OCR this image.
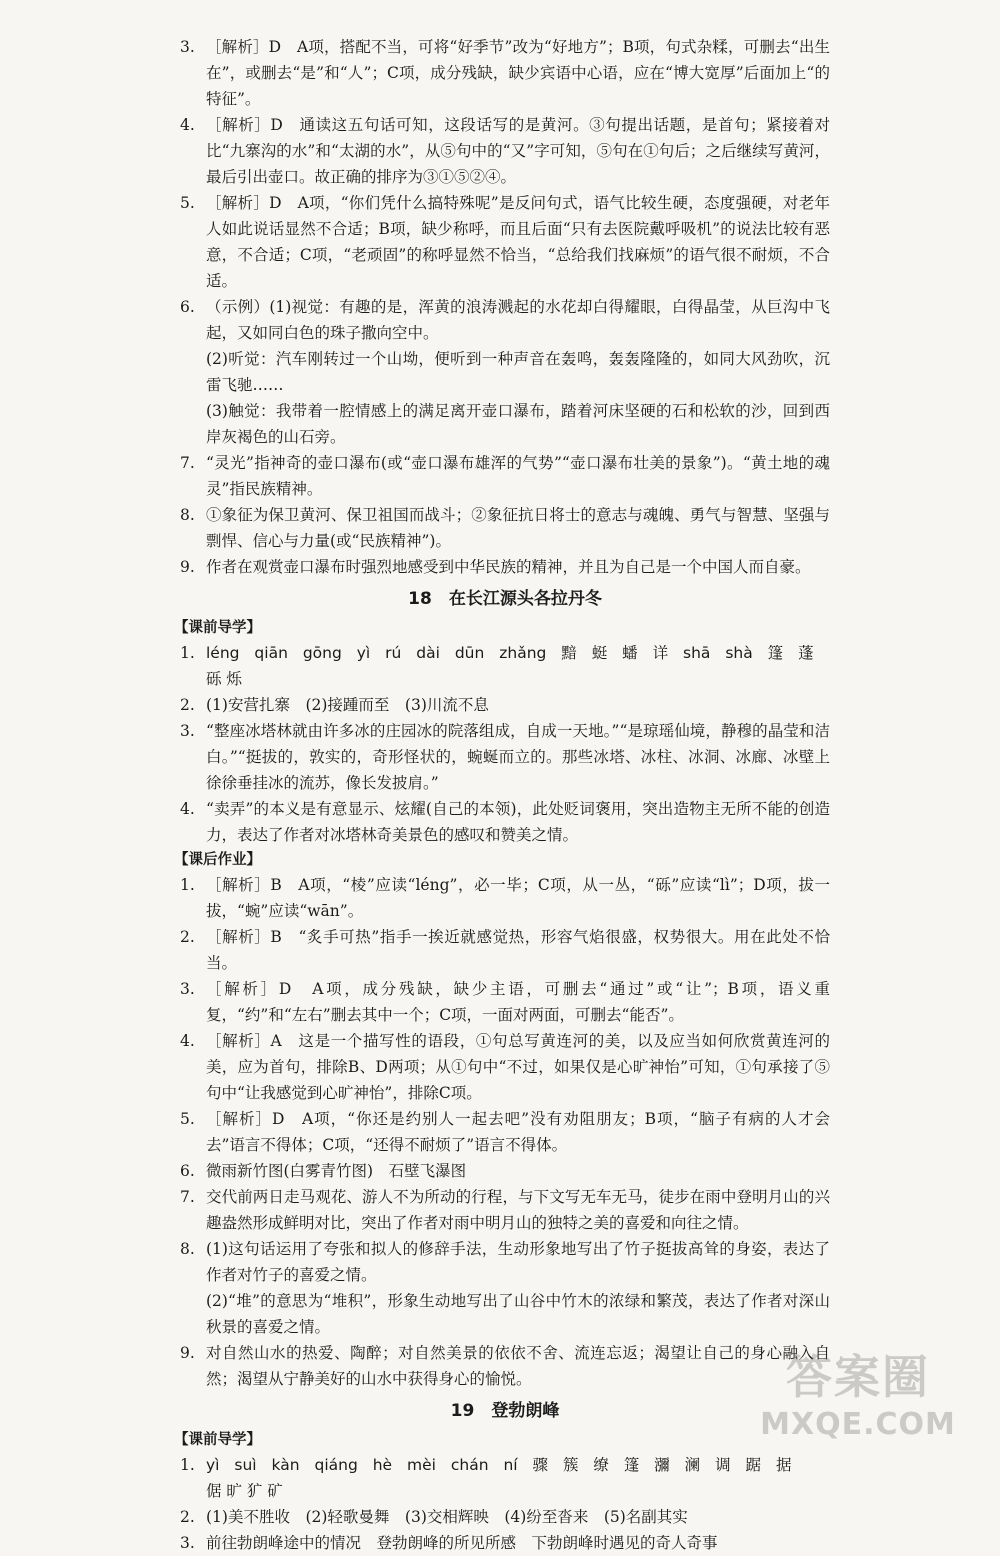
3. ［解析］D　A项，搭配不当，可将“好季节”改为“好地方”；B项，句式杂糅，可删去“出生在”，或删去“是”和“人”；C项，成分残缺，缺少宾语中心语，应在“博大宽厚”后面加上“的特征”。
4. ［解析］D　通读这五句话可知，这段话写的是黄河。③句提出话题，是首句；紧接着对比“九寨沟的水”和“太湖的水”，从⑤句中的“又”字可知，⑤句在①句后；之后继续写黄河，最后引出壶口。故正确的排序为③①⑤②④。
5. ［解析］D　A项，“你们凭什么搞特殊呢”是反问句式，语气比较生硬，态度强硬，对老年人如此说话显然不合适；B项，缺少称呼，而且后面“只有去医院戴呼吸机”的说法比较有恶意，不合适；C项，“老顽固”的称呼显然不恰当，“总给我们找麻烦”的语气很不耐烦，不合适。
6. （示例）(1)视觉：有趣的是，浑黄的浪涛溅起的水花却白得耀眼，白得晶莹，从巨沟中飞起，又如同白色的珠子撒向空中。
(2)听觉：汽车刚转过一个山坳，便听到一种声音在轰鸣，轰轰隆隆的，如同大风劲吹，沉雷飞驰……
(3)触觉：我带着一腔情感上的满足离开壶口瀑布，踏着河床坚硬的石和松软的沙，回到西岸灰褐色的山石旁。
7. “灵光”指神奇的壶口瀑布(或“壶口瀑布雄浑的气势”“壶口瀑布壮美的景象”)。“黄土地的魂灵”指民族精神。
8. ①象征为保卫黄河、保卫祖国而战斗；②象征抗日将士的意志与魂魄、勇气与智慧、坚强与剽悍、信心与力量(或“民族精神”)。
9. 作者在观赏壶口瀑布时强烈地感受到中华民族的精神，并且为自己是一个中国人而自豪。
18　在长江源头各拉丹冬
【课前导学】
1. léng qiān gōng yì rú dài dūn zhǎng 黯 蜓 蟠 详 shā shà 篷 蓬
砾 烁
2. (1)安营扎寨　(2)接踵而至　(3)川流不息
3. “整座冰塔林就由许多冰的庄园冰的院落组成，自成一天地。”“是琼瑶仙境，静穆的晶莹和洁白。”“挺拔的，敦实的，奇形怪状的，蜿蜒而立的。那些冰塔、冰柱、冰洞、冰廊、冰壁上徐徐垂挂冰的流苏，像长发披肩。”
4. “卖弄”的本义是有意显示、炫耀(自己的本领)，此处贬词褒用，突出造物主无所不能的创造力，表达了作者对冰塔林奇美景色的感叹和赞美之情。
【课后作业】
1. ［解析］B　A项，“棱”应读“léng”，必一毕；C项，从一丛，“砾”应读“lì”；D项，拔一拔，“蜿”应读“wān”。
2. ［解析］B　“炙手可热”指手一挨近就感觉热，形容气焰很盛，权势很大。用在此处不恰当。
3. ［解析］D　A项，成分残缺，缺少主语，可删去“通过”或“让”；B项，语义重复，“约”和“左右”删去其中一个；C项，一面对两面，可删去“能否”。
4. ［解析］A　这是一个描写性的语段，①句总写黄连河的美，以及应当如何欣赏黄连河的美，应为首句，排除B、D两项；从①句中“不过，如果仅是心旷神怡”可知，①句承接了⑤句中“让我感觉到心旷神怡”，排除C项。
5. ［解析］D　A项，“你还是约别人一起去吧”没有劝阻朋友；B项，“脑子有病的人才会去”语言不得体；C项，“还得不耐烦了”语言不得体。
6. 微雨新竹图(白雾青竹图)　石壁飞瀑图
7. 交代前两日走马观花、游人不为所动的行程，与下文写无车无马，徒步在雨中登明月山的兴趣盎然形成鲜明对比，突出了作者对雨中明月山的独特之美的喜爱和向往之情。
8. (1)这句话运用了夸张和拟人的修辞手法，生动形象地写出了竹子挺拔高耸的身姿，表达了作者对竹子的喜爱之情。
(2)“堆”的意思为“堆积”，形象生动地写出了山谷中竹木的浓绿和繁茂，表达了作者对深山秋景的喜爱之情。
9. 对自然山水的热爱、陶醉；对自然美景的依依不舍、流连忘返；渴望让自己的身心融入自然；渴望从宁静美好的山水中获得身心的愉悦。
19　登勃朗峰
【课前导学】
1. yì suì kàn qiáng hè mèi chán ní 骤 簇 缭 篷 瀰 澜 调 踞 据
倨 旷 犷 矿
2. (1)美不胜收　(2)轻歌曼舞　(3)交相辉映　(4)纷至沓来　(5)名副其实
3. 前往勃朗峰途中的情况　登勃朗峰的所见所感　下勃朗峰时遇见的奇人奇事
答案圈
MXQE.COM
